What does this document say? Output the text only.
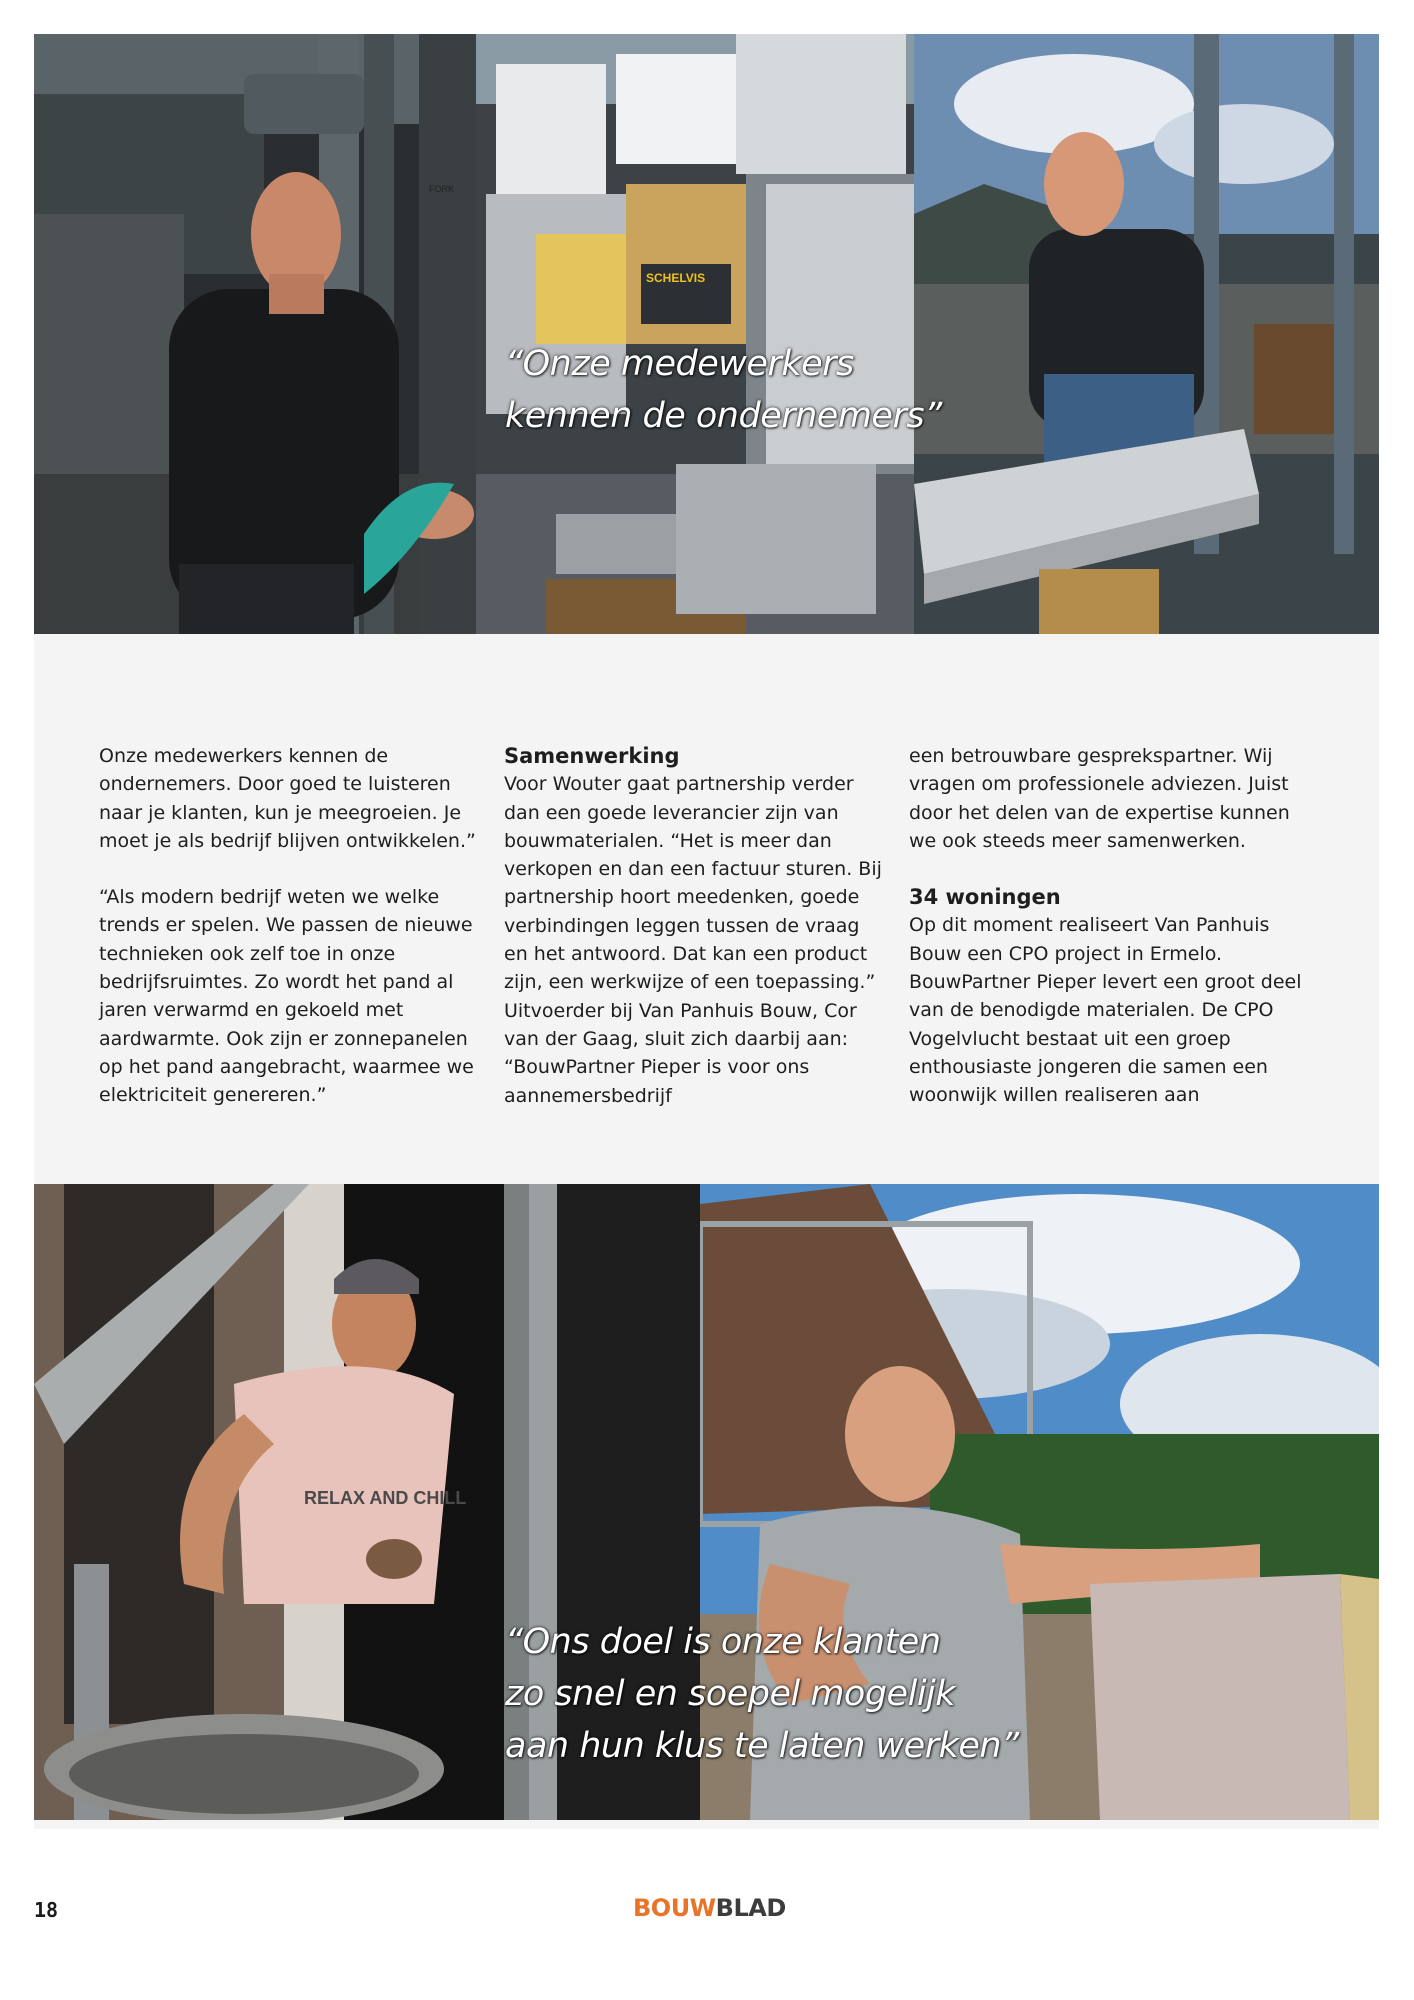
FORK
SCHELVIS

“Onze medewerkers
kennen de ondernemers”

Onze medewerkers kennen de ondernemers. Door goed te luisteren naar je klanten, kun je meegroeien. Je moet je als bedrijf blijven ontwikkelen.”

“Als modern bedrijf weten we welke trends er spelen. We passen de nieuwe technieken ook zelf toe in onze bedrijfsruimtes. Zo wordt het pand al jaren verwarmd en gekoeld met aardwarmte. Ook zijn er zonnepanelen op het pand aangebracht, waarmee we elektriciteit genereren.”

Samenwerking

Voor Wouter gaat partnership verder dan een goede leverancier zijn van bouwmaterialen. “Het is meer dan verkopen en dan een factuur sturen. Bij partnership hoort meedenken, goede verbindingen leggen tussen de vraag en het antwoord. Dat kan een product zijn, een werkwijze of een toepassing.” Uitvoerder bij Van Panhuis Bouw, Cor van der Gaag, sluit zich daarbij aan: “BouwPartner Pieper is voor ons aannemersbedrijf

een betrouwbare gesprekspartner. Wij vragen om professionele adviezen. Juist door het delen van de expertise kunnen we ook steeds meer samenwerken.

34 woningen

Op dit moment realiseert Van Panhuis Bouw een CPO project in Ermelo. BouwPartner Pieper levert een groot deel van de benodigde materialen. De CPO Vogelvlucht bestaat uit een groep enthousiaste jongeren die samen een woonwijk willen realiseren aan

RELAX AND CHILL

“Ons doel is onze klanten
zo snel en soepel mogelijk
aan hun klus te laten werken”

18	BOUWBLAD
